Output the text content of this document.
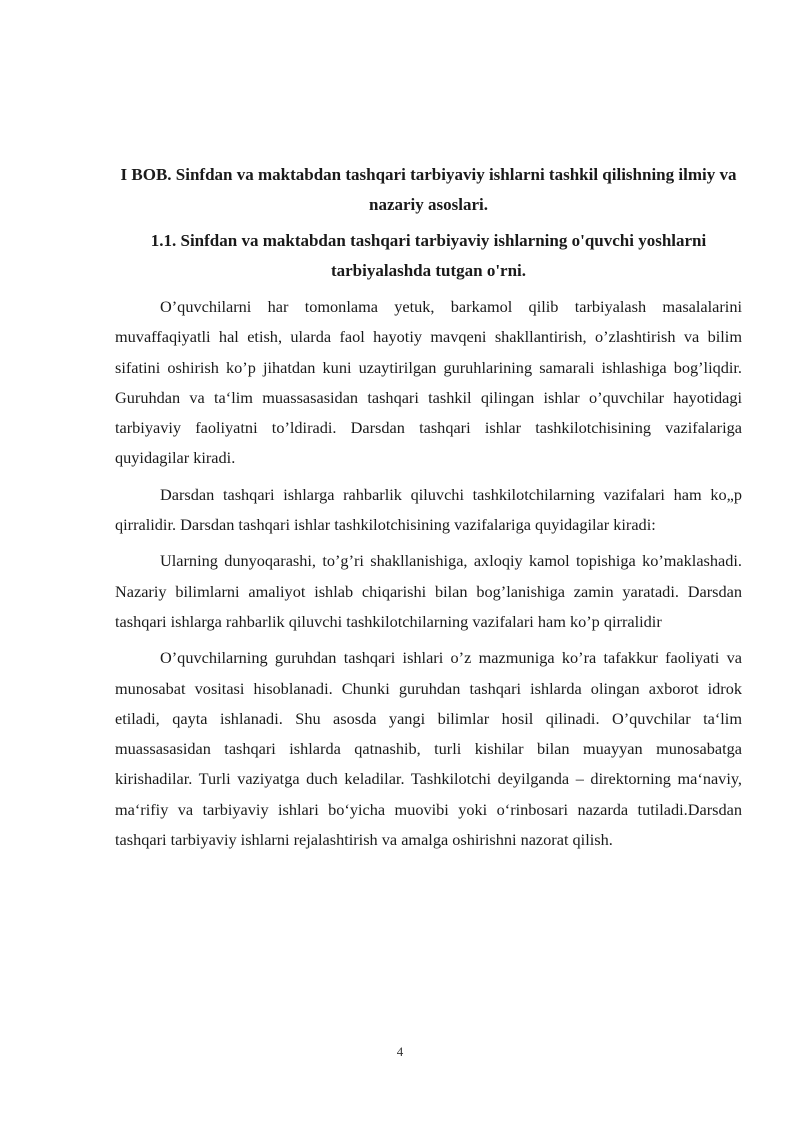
I BOB. Sinfdan va maktabdan tashqari tarbiyaviy ishlarni tashkil qilishning ilmiy va nazariy asoslari.
1.1. Sinfdan va maktabdan tashqari tarbiyaviy ishlarning o'quvchi yoshlarni tarbiyalashda tutgan o'rni.

O’quvchilarni har tomonlama yetuk, barkamol qilib tarbiyalash masalalarini muvaffaqiyatli hal etish, ularda faol hayotiy mavqeni shakllantirish, o’zlashtirish va bilim sifatini oshirish ko’p jihatdan kuni uzaytirilgan guruhlarining samarali ishlashiga bog’liqdir. Guruhdan va ta‘lim muassasasidan tashqari tashkil qilingan ishlar o’quvchilar hayotidagi tarbiyaviy faoliyatni to’ldiradi. Darsdan tashqari ishlar tashkilotchisining vazifalariga quyidagilar kiradi.

Darsdan tashqari ishlarga rahbarlik qiluvchi tashkilotchilarning vazifalari ham ko„p qirralidir. Darsdan tashqari ishlar tashkilotchisining vazifalariga quyidagilar kiradi:

Ularning dunyoqarashi, to’g’ri shakllanishiga, axloqiy kamol topishiga ko’maklashadi. Nazariy bilimlarni amaliyot ishlab chiqarishi bilan bog’lanishiga zamin yaratadi. Darsdan tashqari ishlarga rahbarlik qiluvchi tashkilotchilarning vazifalari ham ko’p qirralidir

O’quvchilarning guruhdan tashqari ishlari o’z mazmuniga ko’ra tafakkur faoliyati va munosabat vositasi hisoblanadi. Chunki guruhdan tashqari ishlarda olingan axborot idrok etiladi, qayta ishlanadi. Shu asosda yangi bilimlar hosil qilinadi. O’quvchilar ta‘lim muassasasidan tashqari ishlarda qatnashib, turli kishilar bilan muayyan munosabatga kirishadilar. Turli vaziyatga duch keladilar. Tashkilotchi deyilganda – direktorning ma‘naviy, ma‘rifiy va tarbiyaviy ishlari bo‘yicha muovibi yoki o‘rinbosari nazarda tutiladi.Darsdan tashqari tarbiyaviy ishlarni rejalashtirish va amalga oshirishni nazorat qilish.

4
